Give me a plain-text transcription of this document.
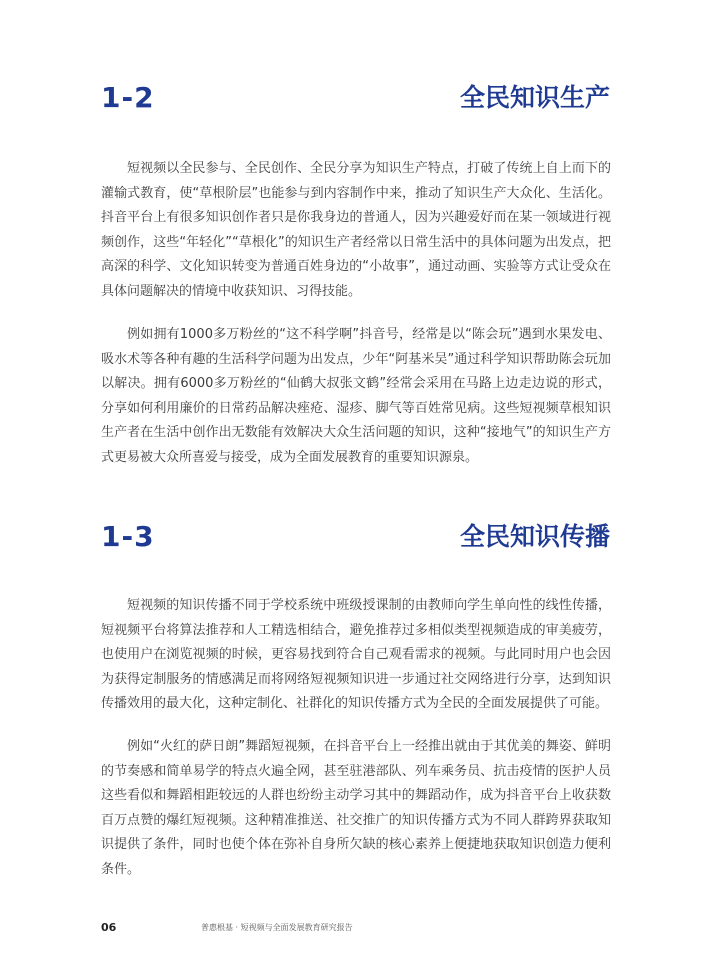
1-2	全民知识生产

短视频以全民参与、全民创作、全民分享为知识生产特点，打破了传统上自上而下的灌输式教育，使“草根阶层”也能参与到内容制作中来，推动了知识生产大众化、生活化。抖音平台上有很多知识创作者只是你我身边的普通人，因为兴趣爱好而在某一领域进行视频创作，这些“年轻化”“草根化”的知识生产者经常以日常生活中的具体问题为出发点，把高深的科学、文化知识转变为普通百姓身边的“小故事”，通过动画、实验等方式让受众在具体问题解决的情境中收获知识、习得技能。

例如拥有1000多万粉丝的“这不科学啊”抖音号，经常是以“陈会玩”遇到水果发电、吸水术等各种有趣的生活科学问题为出发点，少年“阿基米吴”通过科学知识帮助陈会玩加以解决。拥有6000多万粉丝的“仙鹤大叔张文鹤”经常会采用在马路上边走边说的形式，分享如何利用廉价的日常药品解决痤疮、湿疹、脚气等百姓常见病。这些短视频草根知识生产者在生活中创作出无数能有效解决大众生活问题的知识，这种“接地气”的知识生产方式更易被大众所喜爱与接受，成为全面发展教育的重要知识源泉。

1-3	全民知识传播

短视频的知识传播不同于学校系统中班级授课制的由教师向学生单向性的线性传播，短视频平台将算法推荐和人工精选相结合，避免推荐过多相似类型视频造成的审美疲劳，也使用户在浏览视频的时候，更容易找到符合自己观看需求的视频。与此同时用户也会因为获得定制服务的情感满足而将网络短视频知识进一步通过社交网络进行分享，达到知识传播效用的最大化，这种定制化、社群化的知识传播方式为全民的全面发展提供了可能。

例如“火红的萨日朗”舞蹈短视频，在抖音平台上一经推出就由于其优美的舞姿、鲜明的节奏感和简单易学的特点火遍全网，甚至驻港部队、列车乘务员、抗击疫情的医护人员这些看似和舞蹈相距较远的人群也纷纷主动学习其中的舞蹈动作，成为抖音平台上收获数百万点赞的爆红短视频。这种精准推送、社交推广的知识传播方式为不同人群跨界获取知识提供了条件，同时也使个体在弥补自身所欠缺的核心素养上便捷地获取知识创造力便利条件。

06	普惠根基 · 短视频与全面发展教育研究报告
